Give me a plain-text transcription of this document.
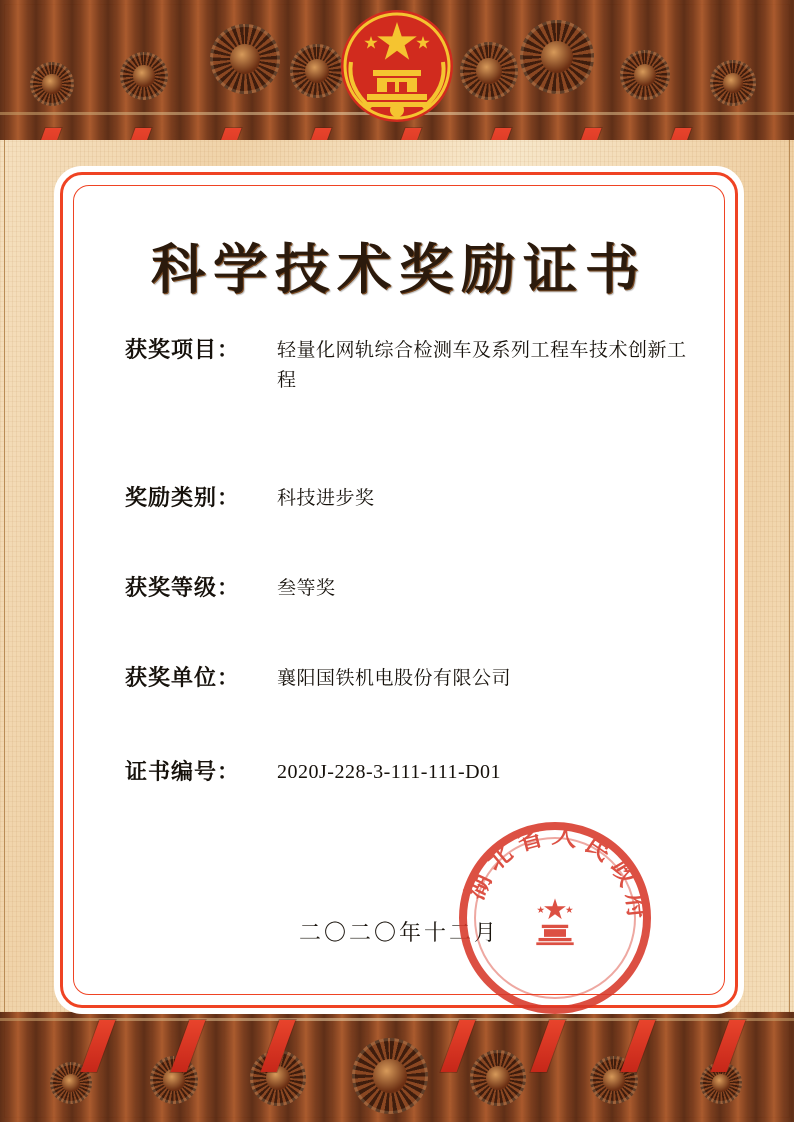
科学技术奖励证书
获奖项目：	轻量化网轨综合检测车及系列工程车技术创新工程
奖励类别：	科技进步奖
获奖等级：	叁等奖
获奖单位：	襄阳国铁机电股份有限公司
证书编号：	2020J-228-3-111-111-D01
湖北省人民政府
二〇二〇年十二月
